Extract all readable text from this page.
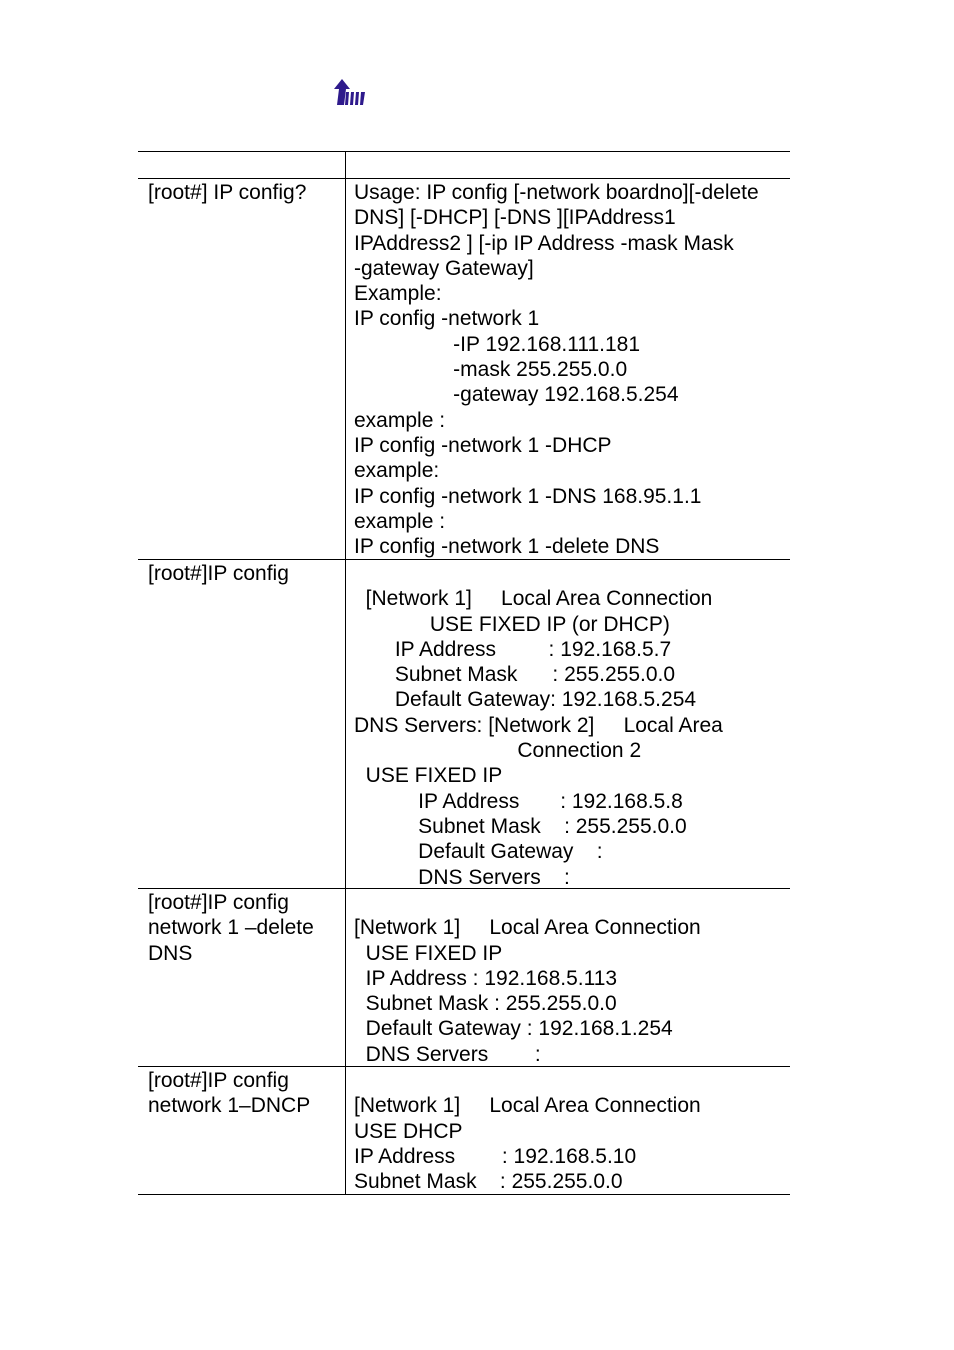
[root#] IP config?	Usage: IP config [-network boardno][-delete

DNS] [-DHCP] [-DNS ][IPAddress1

IPAddress2 ] [-ip IP Address -mask Mask

-gateway Gateway]

Example:

IP config -network 1

-IP 192.168.111.181

-mask 255.255.0.0

-gateway 192.168.5.254

example :

IP config -network 1 -DHCP

example:

IP config -network 1 -DNS 168.95.1.1

example :

IP config -network 1 -delete DNS

[root#]IP config

[Network 1]     Local Area Connection

USE FIXED IP (or DHCP)

IP Address         : 192.168.5.7

Subnet Mask      : 255.255.0.0

Default Gateway: 192.168.5.254

DNS Servers: [Network 2]     Local Area

Connection 2

USE FIXED IP

IP Address       : 192.168.5.8

Subnet Mask    : 255.255.0.0

Default Gateway    :

DNS Servers    :

[root#]IP config
network 1 –delete
DNS

[Network 1]     Local Area Connection

USE FIXED IP

IP Address : 192.168.5.113

Subnet Mask : 255.255.0.0

Default Gateway : 192.168.1.254

DNS Servers        :

[root#]IP config
network 1–DNCP

	[Network 1]     Local Area Connection

USE DHCP

IP Address        : 192.168.5.10

Subnet Mask    : 255.255.0.0
